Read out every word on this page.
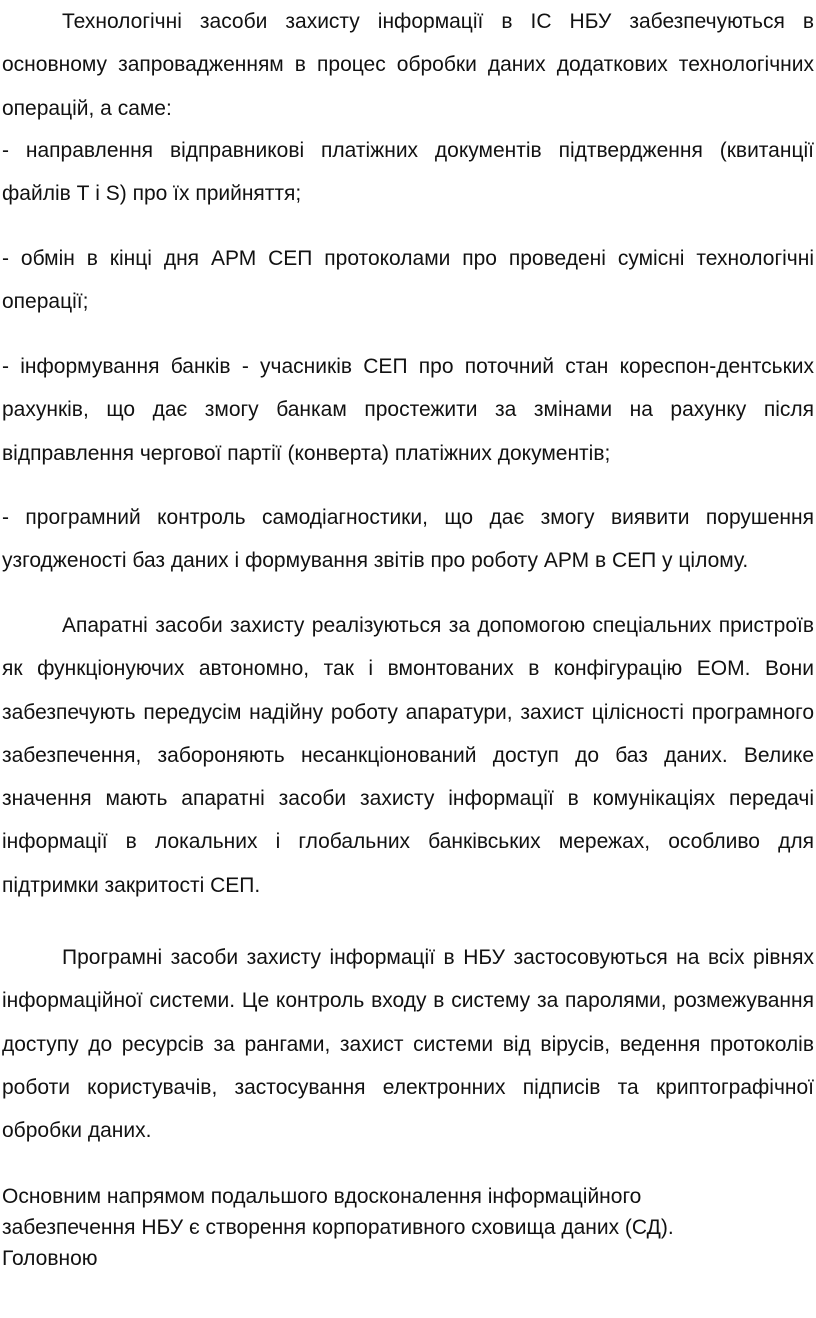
Технологічні засоби захисту інформації в ІС НБУ забезпечуються в основному запровадженням в процес обробки даних додаткових технологічних операцій, а саме:

- направлення відправникові платіжних документів підтвердження (квитанції файлів Т і S) про їх прийняття;

- обмін в кінці дня АРМ СЕП протоколами про проведені сумісні технологічні операції;

- інформування банків - учасників СЕП про поточний стан кореспон-дентських рахунків, що дає змогу банкам простежити за змінами на рахунку після відправлення чергової партії (конверта) платіжних документів;

- програмний контроль самодіагностики, що дає змогу виявити порушення узгодженості баз даних і формування звітів про роботу АРМ в СЕП у цілому.

Апаратні засоби захисту реалізуються за допомогою спеціальних пристроїв як функціонуючих автономно, так і вмонтованих в конфігурацію ЕОМ. Вони забезпечують передусім надійну роботу апаратури, захист цілісності програмного забезпечення, забороняють несанкціонований доступ до баз даних. Велике значення мають апаратні засоби захисту інформації в комунікаціях передачі інформації в локальних і глобальних банківських мережах, особливо для підтримки закритості СЕП.

Програмні засоби захисту інформації в НБУ застосовуються на всіх рівнях інформаційної системи. Це контроль входу в систему за паролями, розмежування доступу до ресурсів за рангами, захист системи від вірусів, ведення протоколів роботи користувачів, застосування електронних підписів та криптографічної обробки даних.

Основним напрямом подальшого вдосконалення інформаційного забезпечення НБУ є створення корпоративного сховища даних (СД). Головною
